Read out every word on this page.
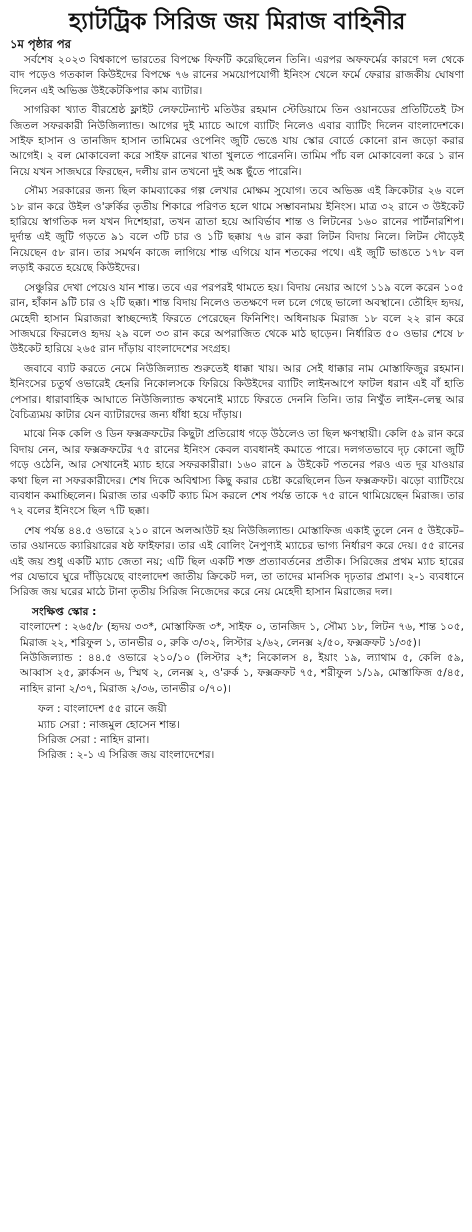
হ্যাটট্রিক সিরিজ জয় মিরাজ বাহিনীর
১ম পৃষ্ঠার পর

সর্বশেষ ২০২৩ বিশ্বকাপে ভারতের বিপক্ষে ফিফটি করেছিলেন তিনি। এরপর অফফর্মের কারণে দল থেকে বাদ পড়েও গতকাল কিউইদের বিপক্ষে ৭৬ রানের সময়োপযোগী ইনিংস খেলে ফর্মে ফেরার রাজকীয় ঘোষণা দিলেন এই অভিজ্ঞ উইকেটকিপার কাম ব্যাটার।

সাগরিকা খ্যাত বীরশ্রেষ্ঠ ফ্লাইট লেফটেন্যান্ট মতিউর রহমান স্টেডিয়ামে তিন ওয়ানডের প্রতিটিতেই টস জিতল সফরকারী নিউজিল্যান্ড। আগের দুই ম্যাচে আগে ব্যাটিং নিলেও এবার ব্যাটিং দিলেন বাংলাদেশকে। সাইফ হাসান ও তানজিদ হাসান তামিমের ওপেনিং জুটি ভেঙে যায় স্কোর বোর্ডে কোনো রান জড়ো করার আগেই। ২ বল মোকাবেলা করে সাইফ রানের খাতা খুলতে পারেননি। তামিম পাঁচ বল মোকাবেলা করে ১ রান নিয়ে যখন সাজঘরে ফিরছেন, দলীয় রান তখনো দুই অঙ্ক ছুঁতে পারেনি।

সৌম্য সরকারের জন্য ছিল কামব্যাকের গল্প লেখার মোক্ষম সুযোগ। তবে অভিজ্ঞ এই ক্রিকেটার ২৬ বলে ১৮ রান করে উইল ও'রুর্কির তৃতীয় শিকারে পরিণত হলে থামে সম্ভাবনাময় ইনিংস। মাত্র ৩২ রানে ৩ উইকেট হারিয়ে স্বাগতিক দল যখন দিশেহারা, তখন ত্রাতা হয়ে আবির্ভাব শান্ত ও লিটনের ১৬০ রানের পার্টনারশিপ। দুর্দান্ত এই জুটি গড়তে ৯১ বলে ৩টি চার ও ১টি ছক্কায় ৭৬ রান করা লিটন বিদায় নিলে। লিটন দৌড়েই নিয়েছেন ৫৮ রান। তার সমর্থন কাজে লাগিয়ে শান্ত এগিয়ে যান শতকের পথে। এই জুটি ভাঙতে ১৭৮ বল লড়াই করতে হয়েছে কিউইদের।

সেঞ্চুরির দেখা পেয়েও যান শান্ত। তবে এর পরপরই থামতে হয়। বিদায় নেয়ার আগে ১১৯ বলে করেন ১০৫ রান, হাঁকান ৯টি চার ও ২টি ছক্কা। শান্ত বিদায় নিলেও ততক্ষণে দল চলে গেছে ভালো অবস্থানে। তৌহিদ হৃদয়, মেহেদী হাসান মিরাজরা স্বাচ্ছন্দ্যেই ফিরতে পেরেছেন ফিনিশিং। অধিনায়ক মিরাজ ১৮ বলে ২২ রান করে সাজঘরে ফিরলেও হৃদয় ২৯ বলে ৩৩ রান করে অপরাজিত থেকে মাঠ ছাড়েন। নির্ধারিত ৫০ ওভার শেষে ৮ উইকেট হারিয়ে ২৬৫ রান দাঁড়ায় বাংলাদেশের সংগ্রহ।

জবাবে ব্যাট করতে নেমে নিউজিল্যান্ড শুরুতেই ধাক্কা খায়। আর সেই ধাক্কার নাম মোস্তাফিজুর রহমান। ইনিংসের চতুর্থ ওভারেই হেনরি নিকোলসকে ফিরিয়ে কিউইদের ব্যাটিং লাইনআপে ফাটল ধরান এই বাঁ হাতি পেসার। ধারাবাহিক আঘাতে নিউজিল্যান্ড কখনোই ম্যাচে ফিরতে দেননি তিনি। তার নিখুঁত লাইন-লেন্থ আর বৈচিত্র্যময় কাটার যেন ব্যাটারদের জন্য ধাঁধা হয়ে দাঁড়ায়।

মাঝে নিক কেলি ও ডিন ফক্সক্রফটের কিছুটা প্রতিরোধ গড়ে উঠলেও তা ছিল ক্ষণস্থায়ী। কেলি ৫৯ রান করে বিদায় নেন, আর ফক্সক্রফটের ৭৫ রানের ইনিংস কেবল ব্যবধানই কমাতে পারে। দলগতভাবে দৃঢ় কোনো জুটি গড়ে ওঠেনি, আর সেখানেই ম্যাচ হারে সফরকারীরা। ১৬০ রানে ৯ উইকেট পতনের পরও এত দূর যাওয়ার কথা ছিল না সফরকারীদের। শেষ দিকে অবিশ্বাস্য কিছু করার চেষ্টা করেছিলেন ডিন ফক্সক্রফট। ঝড়ো ব্যাটিংয়ে ব্যবধান কমাচ্ছিলেন। মিরাজ তার একটি ক্যাচ মিস করলে শেষ পর্যন্ত তাকে ৭৫ রানে থামিয়েছেন মিরাজ। তার ৭২ বলের ইনিংসে ছিল ৭টি ছক্কা।

শেষ পর্যন্ত ৪৪.৫ ওভারে ২১০ রানে অলআউট হয় নিউজিল্যান্ড। মোস্তাফিজ একাই তুলে নেন ৫ উইকেট– তার ওয়ানডে ক্যারিয়ারের ষষ্ঠ ফাইফার। তার এই বোলিং নৈপুণ্যই ম্যাচের ভাগ্য নির্ধারণ করে দেয়। ৫৫ রানের এই জয় শুধু একটি ম্যাচ জেতা নয়; এটি ছিল একটি শক্ত প্রত্যাবর্তনের প্রতীক। সিরিজের প্রথম ম্যাচ হারের পর যেভাবে ঘুরে দাঁড়িয়েছে বাংলাদেশ জাতীয় ক্রিকেট দল, তা তাদের মানসিক দৃঢ়তার প্রমাণ। ২-১ ব্যবধানে সিরিজ জয় ঘরের মাঠে টানা তৃতীয় সিরিজ নিজেদের করে নেয় মেহেদী হাসান মিরাজের দল।

সংক্ষিপ্ত স্কোর :
বাংলাদেশ : ২৬৫/৮ (হৃদয় ৩৩*, মোস্তাফিজ ৩*, সাইফ ০, তানজিদ ১, সৌম্য ১৮, লিটন ৭৬, শান্ত ১০৫, মিরাজ ২২, শরিফুল ১, তানভীর ০, রুকি ৩/৩২, লিস্টার ২/৬২, লেনক্স ২/৫০, ফক্সক্রফট ১/৩৫)।
নিউজিল্যান্ড : ৪৪.৫ ওভারে ২১০/১০ (লিস্টার ২*; নিকোলস ৪, ইয়াং ১৯, ল্যাথাম ৫, কেলি ৫৯, আব্বাস ২৫, ক্লার্কসন ৬, স্মিথ ২, লেনক্স ২, ও'রুর্ক ১, ফক্সক্রফট ৭৫, শরীফুল ১/১৯, মোস্তাফিজ ৫/৪৫, নাহিদ রানা ২/৩৭, মিরাজ ২/৩৬, তানভীর ০/৭০)।
ফল : বাংলাদেশ ৫৫ রানে জয়ী
ম্যাচ সেরা : নাজমুল হোসেন শান্ত।
সিরিজ সেরা : নাহিদ রানা।
সিরিজ : ২-১ এ সিরিজ জয় বাংলাদেশের।
